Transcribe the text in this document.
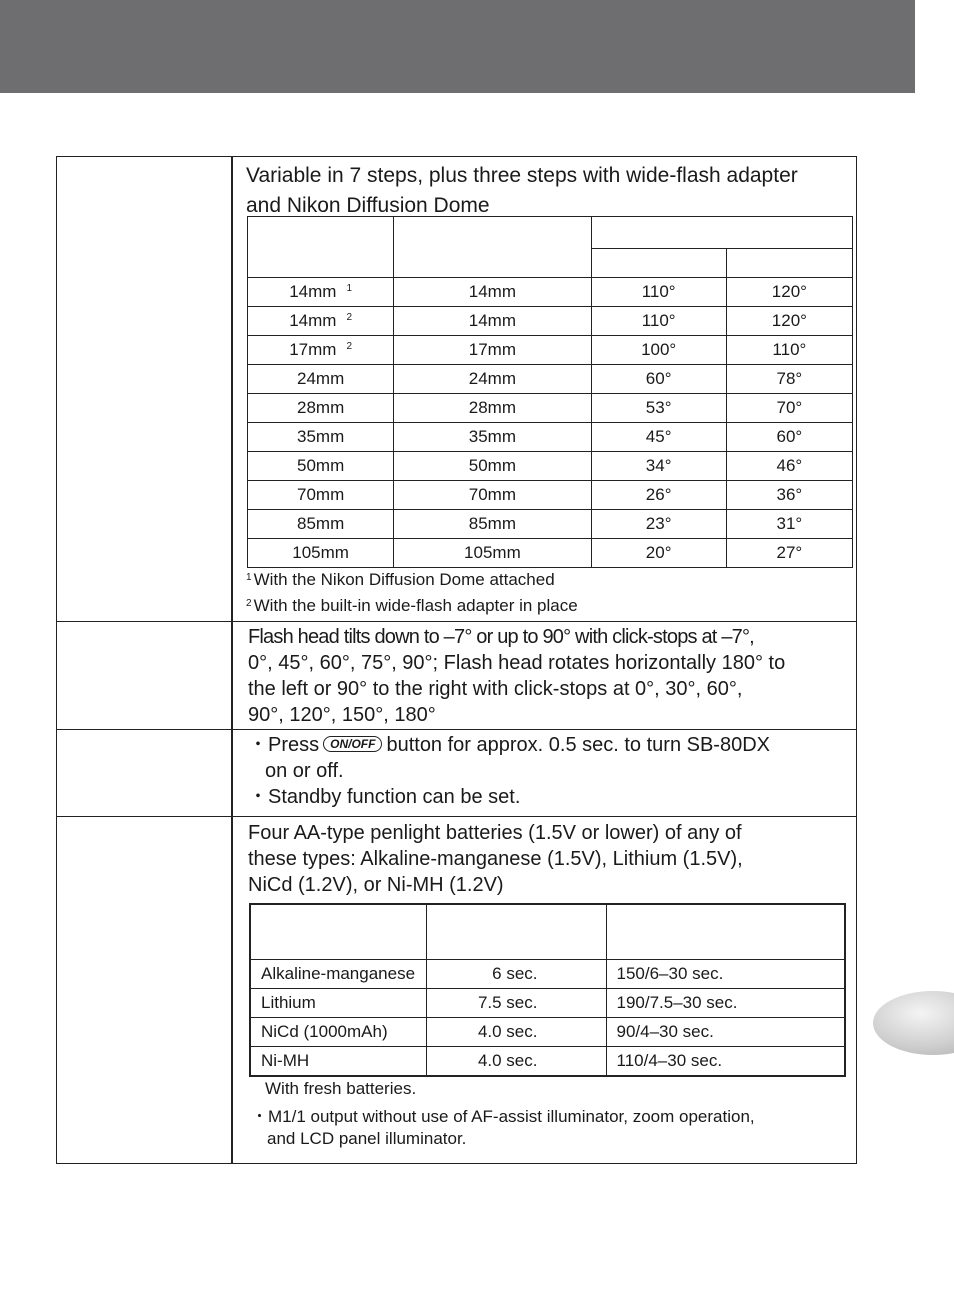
Variable in 7 steps, plus three steps with wide-flash adapter
and Nikon Diffusion Dome

14mm $^1$	14mm	110°	120°
14mm $^2$	14mm	110°	120°
17mm $^2$	17mm	100°	110°
24mm	24mm	60°	78°
28mm	28mm	53°	70°
35mm	35mm	45°	60°
50mm	50mm	34°	46°
70mm	70mm	26°	36°
85mm	85mm	23°	31°
105mm	105mm	20°	27°
$^1$ With the Nikon Diffusion Dome attached
$^2$ With the built-in wide-flash adapter in place
Flash head tilts down to –7° or up to 90° with click-stops at –7°,
0°, 45°, 60°, 75°, 90°; Flash head rotates horizontally 180° to
the left or 90° to the right with click-stops at 0°, 30°, 60°,
90°, 120°, 150°, 180°
・Press ON/OFF button for approx. 0.5 sec. to turn SB-80DX
on or off.
・Standby function can be set.
Four AA-type penlight batteries (1.5V or lower) of any of
these types: Alkaline-manganese (1.5V), Lithium (1.5V),
NiCd (1.2V), or Ni-MH (1.2V)

Alkaline-manganese	6 sec.	150/6–30 sec.
Lithium	7.5 sec.	190/7.5–30 sec.
NiCd (1000mAh)	4.0 sec.	90/4–30 sec.
Ni-MH	4.0 sec.	110/4–30 sec.
With fresh batteries.
・M1/1 output without use of AF-assist illuminator, zoom operation,
and LCD panel illuminator.
